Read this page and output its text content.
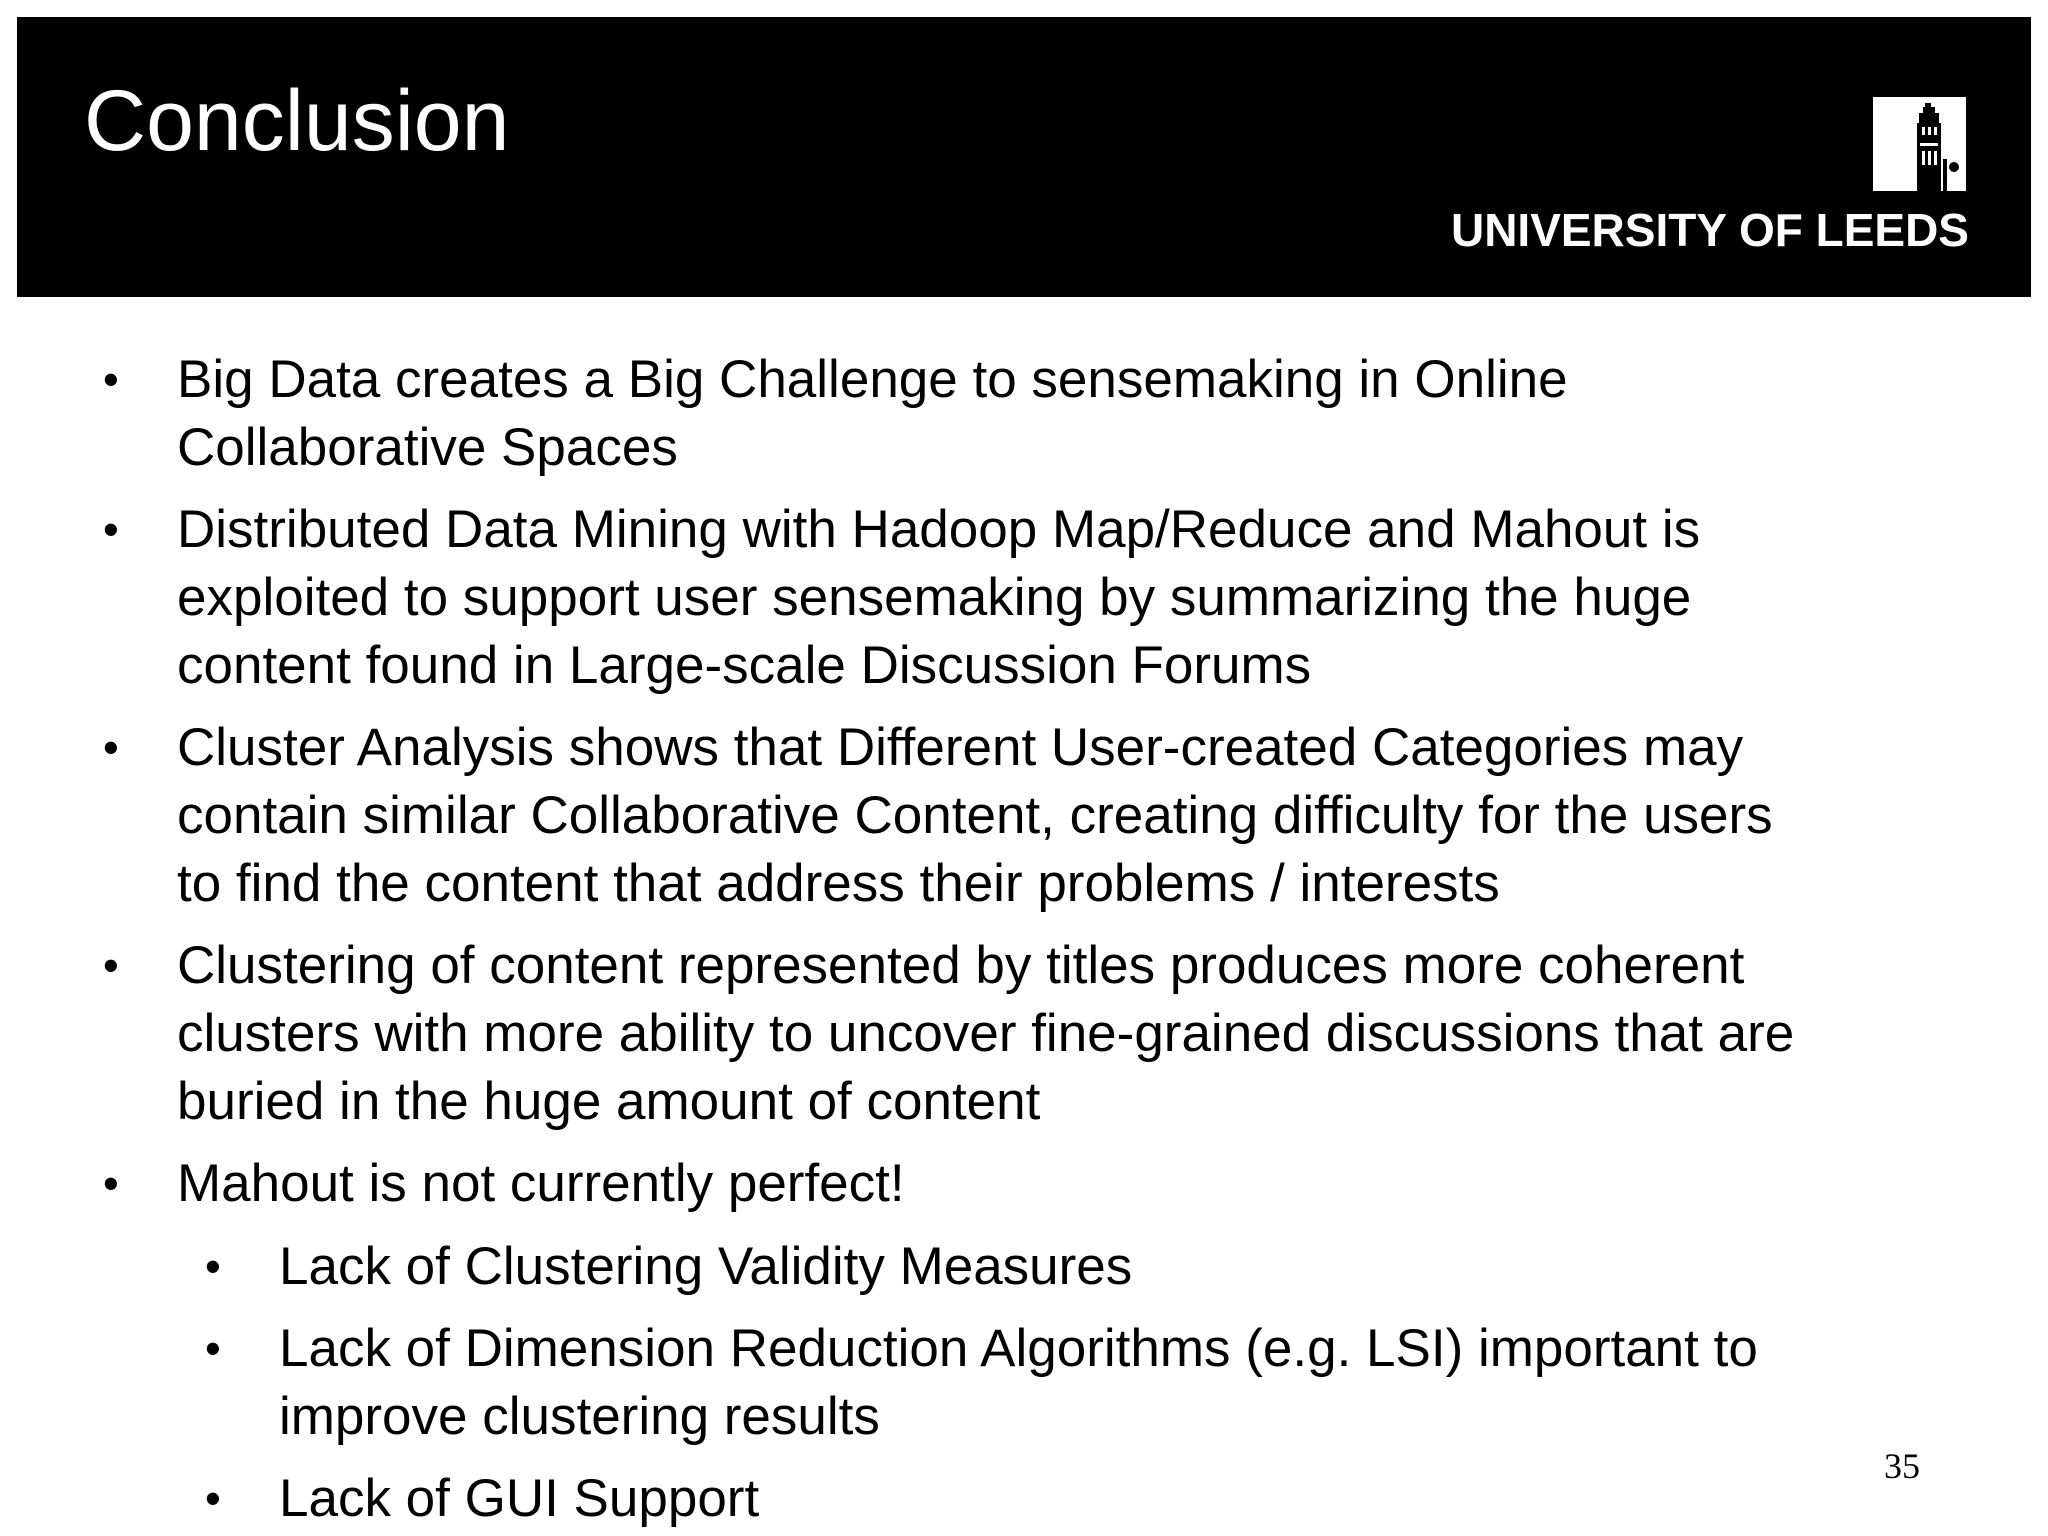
Conclusion
UNIVERSITY OF LEEDS
• Big Data creates a Big Challenge to sensemaking in Online
Collaborative Spaces
• Distributed Data Mining with Hadoop Map/Reduce and Mahout is
exploited to support user sensemaking by summarizing the huge
content found in Large-scale Discussion Forums
• Cluster Analysis shows that Different User-created Categories may
contain similar Collaborative Content, creating difficulty for the users
to find the content that address their problems / interests
• Clustering of content represented by titles produces more coherent
clusters with more ability to uncover fine-grained discussions that are
buried in the huge amount of content
• Mahout is not currently perfect!
• Lack of Clustering Validity Measures
• Lack of Dimension Reduction Algorithms (e.g. LSI) important to
improve clustering results
• Lack of GUI Support
35
